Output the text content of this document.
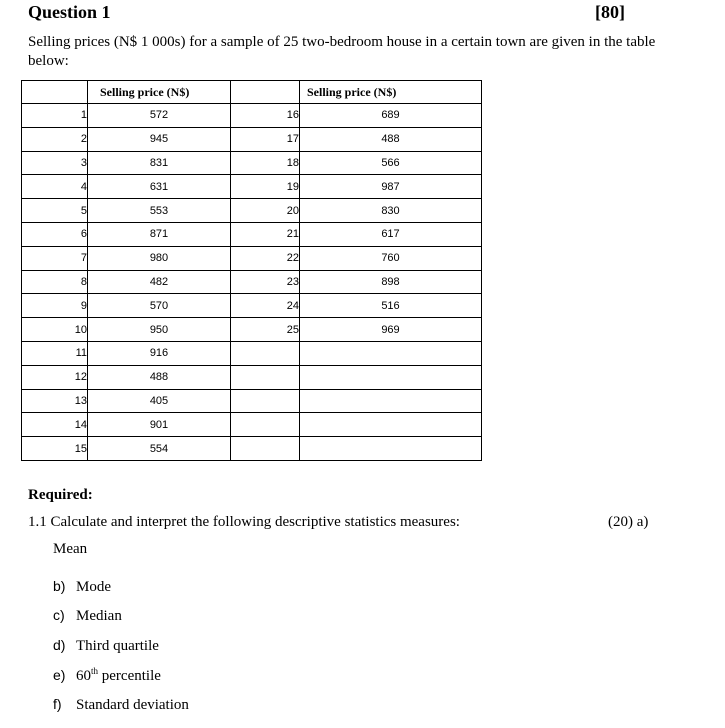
Question 1	[80]
Selling prices (N$ 1 000s) for a sample of 25 two-bedroom house in a certain town are given in the table below:
	Selling price (N$)		Selling price (N$)
1	572	16	689
2	945	17	488
3	831	18	566
4	631	19	987
5	553	20	830
6	871	21	617
7	980	22	760
8	482	23	898
9	570	24	516
10	950	25	969
11	916		
12	488		
13	405		
14	901		
15	554		
Required:
1.1 Calculate and interpret the following descriptive statistics measures:	(20) a)
Mean
b) Mode
c) Median
d) Third quartile
e) 60th percentile
f) Standard deviation
